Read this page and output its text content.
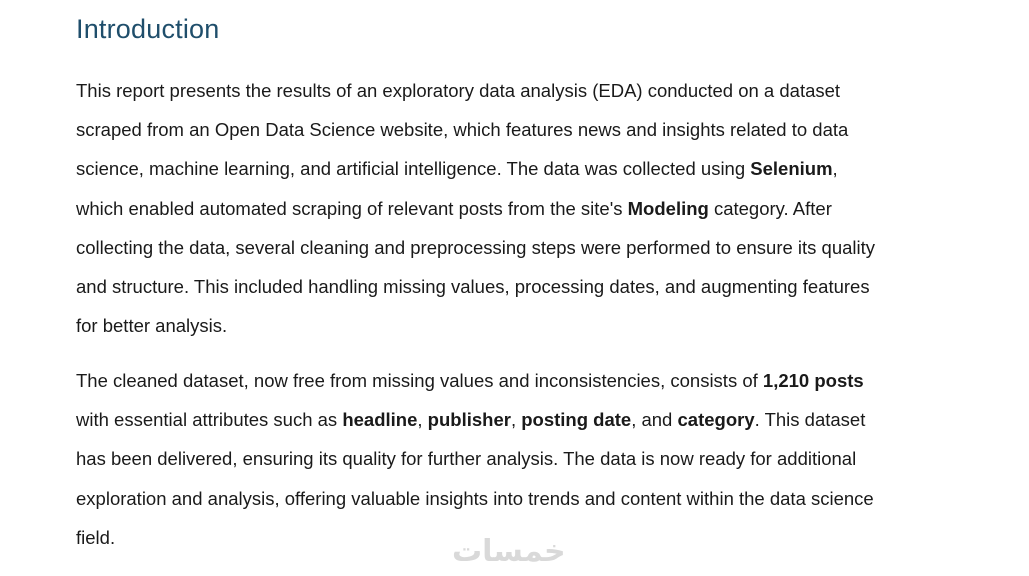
Introduction

This report presents the results of an exploratory data analysis (EDA) conducted on a dataset
scraped from an Open Data Science website, which features news and insights related to data
science, machine learning, and artificial intelligence. The data was collected using Selenium,
which enabled automated scraping of relevant posts from the site's Modeling category. After
collecting the data, several cleaning and preprocessing steps were performed to ensure its quality
and structure. This included handling missing values, processing dates, and augmenting features
for better analysis.

The cleaned dataset, now free from missing values and inconsistencies, consists of 1,210 posts
with essential attributes such as headline, publisher, posting date, and category. This dataset
has been delivered, ensuring its quality for further analysis. The data is now ready for additional
exploration and analysis, offering valuable insights into trends and content within the data science
field.	خمسات
